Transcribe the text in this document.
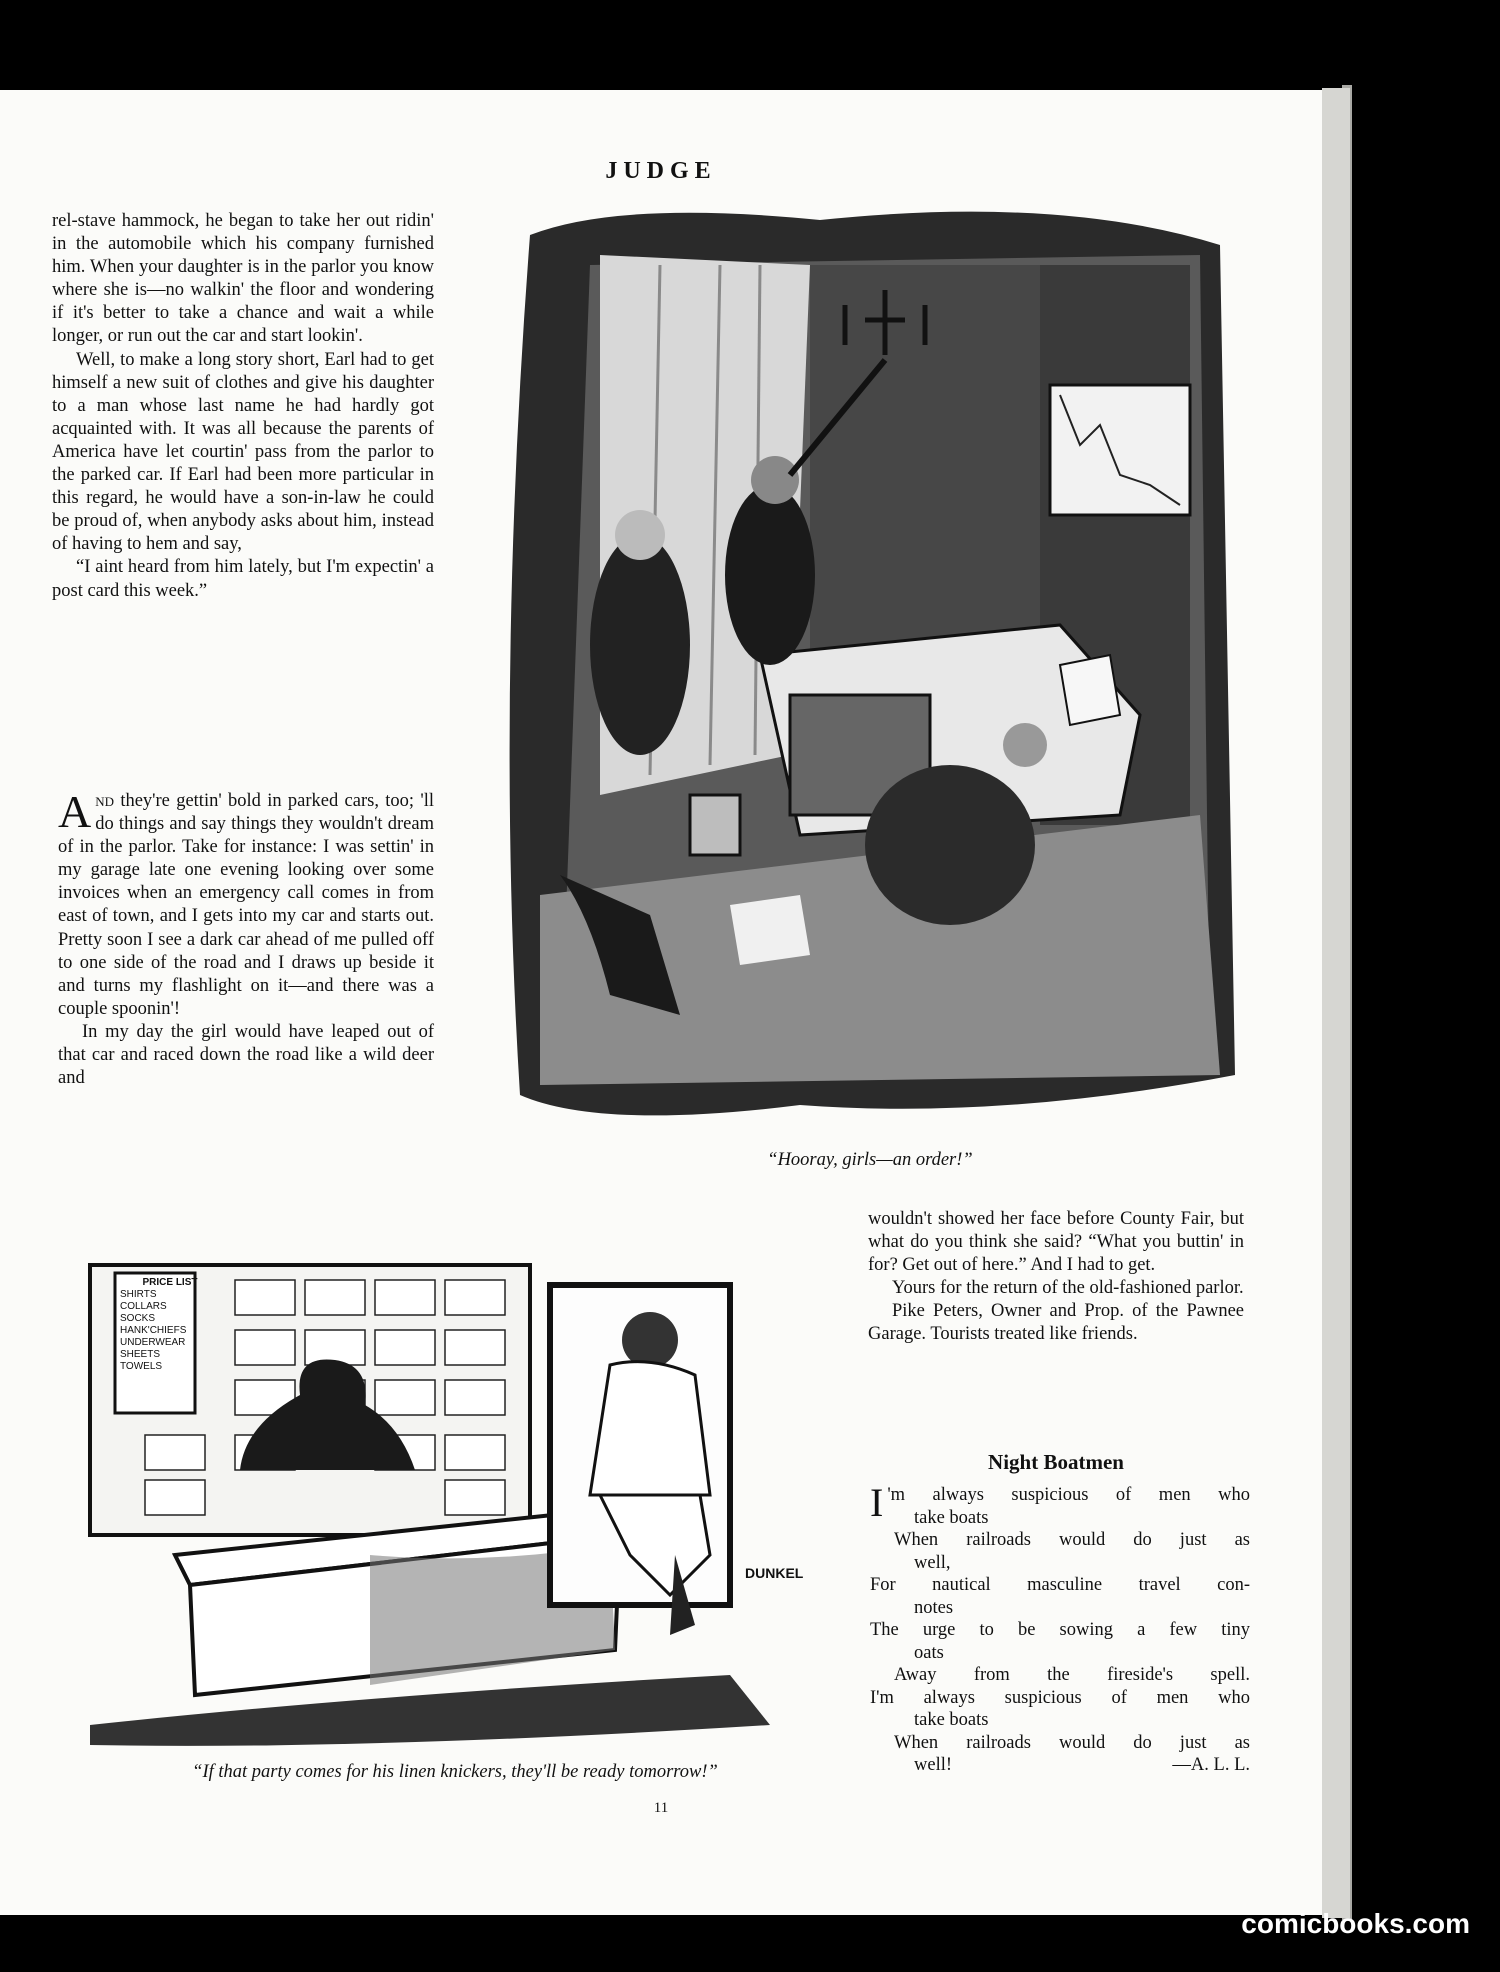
JUDGE

rel-stave hammock, he began to take her out ridin' in the automobile which his company furnished him. When your daughter is in the parlor you know where she is—no walkin' the floor and wondering if it's better to take a chance and wait a while longer, or run out the car and start lookin'.

Well, to make a long story short, Earl had to get himself a new suit of clothes and give his daughter to a man whose last name he had hardly got acquainted with. It was all because the parents of America have let courtin' pass from the parlor to the parked car. If Earl had been more particular in this regard, he would have a son-in-law he could be proud of, when anybody asks about him, instead of having to hem and say,

“I aint heard from him lately, but I'm expectin' a post card this week.”

And they're gettin' bold in parked cars, too; 'll do things and say things they wouldn't dream of in the parlor. Take for instance: I was settin' in my garage late one evening looking over some invoices when an emergency call comes in from east of town, and I gets into my car and starts out. Pretty soon I see a dark car ahead of me pulled off to one side of the road and I draws up beside it and turns my flashlight on it—and there was a couple spoonin'!

In my day the girl would have leaped out of that car and raced down the road like a wild deer and

“Hooray, girls—an order!”
PRICE LIST
SHIRTS
COLLARS
SOCKS
HANK'CHIEFS
UNDERWEAR
SHEETS
TOWELS
DUNKEL
“If that party comes for his linen knickers, they'll be ready tomorrow!”

wouldn't showed her face before County Fair, but what do you think she said? “What you buttin' in for? Get out of here.” And I had to get.

Yours for the return of the old-fashioned parlor.

Pike Peters, Owner and Prop. of the Pawnee Garage. Tourists treated like friends.

Night Boatmen
I 'm always suspicious of men who
take boats
When railroads would do just as
well,
For nautical masculine travel con-
notes
The urge to be sowing a few tiny
oats
Away from the fireside's spell.
I'm always suspicious of men who
take boats
When railroads would do just as
well!	—A. L. L.
11
comicbooks.com
